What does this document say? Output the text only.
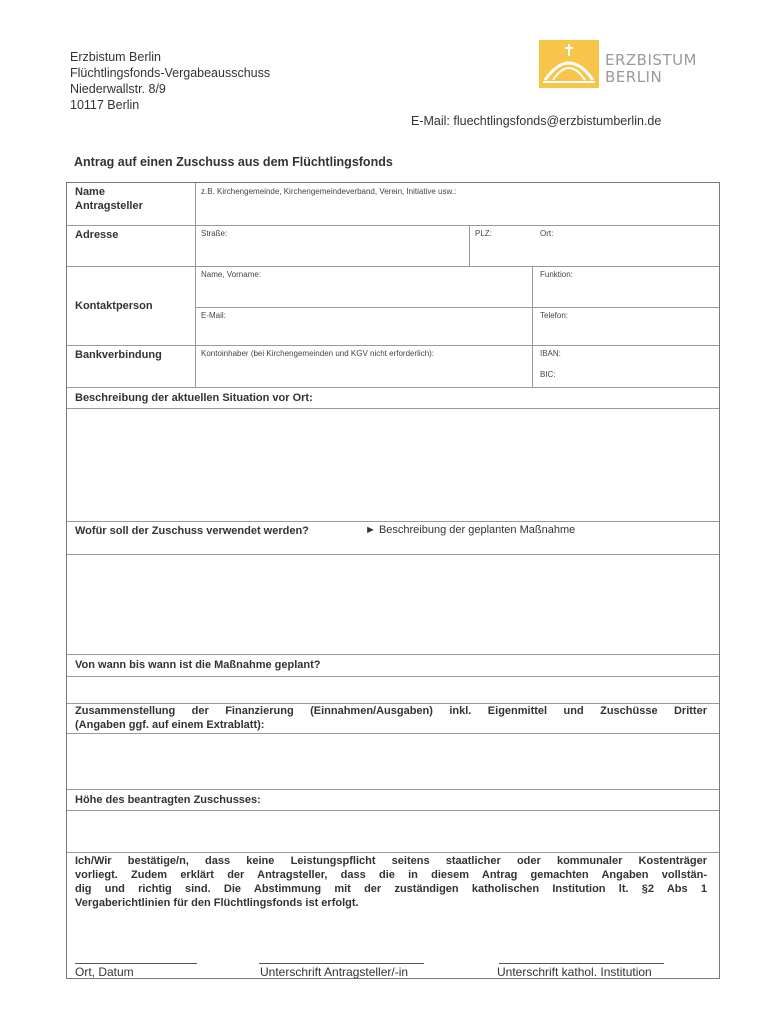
Erzbistum Berlin
Flüchtlingsfonds-Vergabeausschuss
Niederwallstr. 8/9
10117 Berlin
ERZBISTUM
BERLIN
E-Mail: fluechtlingsfonds@erzbistumberlin.de
Antrag auf einen Zuschuss aus dem Flüchtlingsfonds
Name
Antragsteller
z.B. Kirchengemeinde, Kirchengemeindeverband, Verein, Initiative usw.:
Adresse	Straße:	PLZ:	Ort:
Kontaktperson
Name, Vorname:	Funktion:
E-Mail:	Telefon:
Bankverbindung	Kontoinhaber (bei Kirchengemeinden und KGV nicht erforderlich):	IBAN:
BIC:
Beschreibung der aktuellen Situation vor Ort:
Wofür soll der Zuschuss verwendet werden?	► Beschreibung der geplanten Maßnahme
Von wann bis wann ist die Maßnahme geplant?
Zusammenstellung der Finanzierung (Einnahmen/Ausgaben) inkl. Eigenmittel und Zuschüsse Dritter
(Angaben ggf. auf einem Extrablatt):
Höhe des beantragten Zuschusses:
Ich/Wir bestätige/n, dass keine Leistungspflicht seitens staatlicher oder kommunaler Kostenträger
vorliegt. Zudem erklärt der Antragsteller, dass die in diesem Antrag gemachten Angaben vollstän-
dig und richtig sind. Die Abstimmung mit der zuständigen katholischen Institution lt. §2 Abs 1
Vergaberichtlinien für den Flüchtlingsfonds ist erfolgt.
Ort, Datum	Unterschrift Antragsteller/-in	Unterschrift kathol. Institution
